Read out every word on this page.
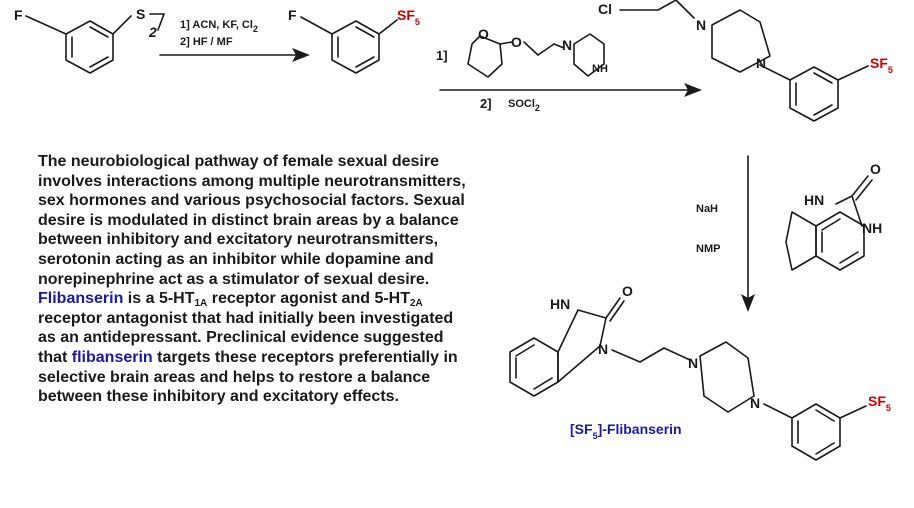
F	S
2
F	$SF_5$
1] ACN, KF, $Cl_2$
2] HF / MF
1]
O O	N
NH
2] SOCl$_2$
Cl
N
N	$SF_5$
NaH
NMP
O
HN
NH
O
HN
N
N
N	$SF_5$
$[SF_5]$-Flibanserin

The neurobiological pathway of female sexual desire involves interactions among multiple neurotransmitters, sex hormones and various psychosocial factors. Sexual desire is modulated in distinct brain areas by a balance between inhibitory and excitatory neurotransmitters, serotonin acting as an inhibitor while dopamine and norepinephrine act as a stimulator of sexual desire. Flibanserin is a $5-HT_{1A}$ receptor agonist and $5-HT_{2A}$ receptor antagonist that had initially been investigated as an antidepressant. Preclinical evidence suggested that flibanserin targets these receptors preferentially in selective brain areas and helps to restore a balance between these inhibitory and excitatory effects.
